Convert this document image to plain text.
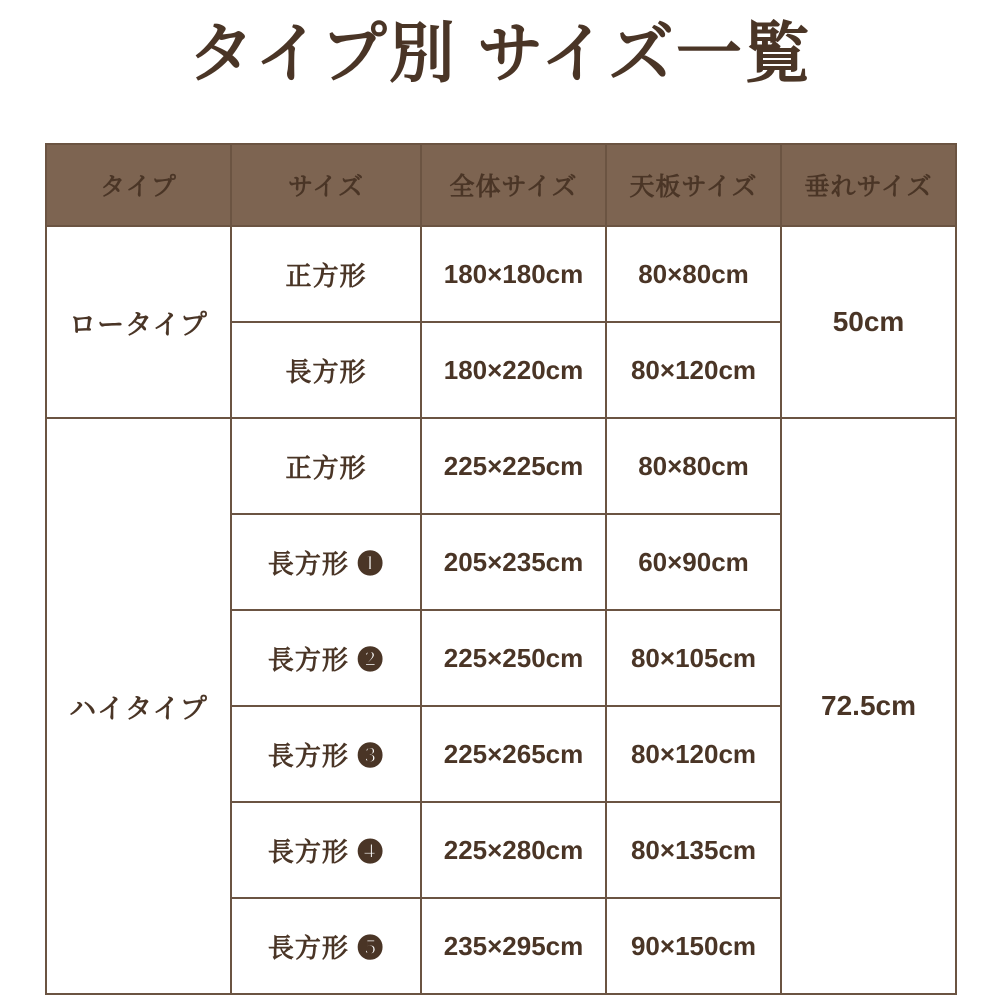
タイプ別 サイズ一覧
タイプ	サイズ	全体サイズ	天板サイズ	垂れサイズ
ロータイプ	正方形	180×180cm	80×80cm	50cm
	長方形	180×220cm	80×120cm	
ハイタイプ	正方形	225×225cm	80×80cm	72.5cm
	長方形 ❶	205×235cm	60×90cm	
	長方形 ❷	225×250cm	80×105cm	
	長方形 ❸	225×265cm	80×120cm	
	長方形 ❹	225×280cm	80×135cm	
	長方形 ❺	235×295cm	90×150cm	
